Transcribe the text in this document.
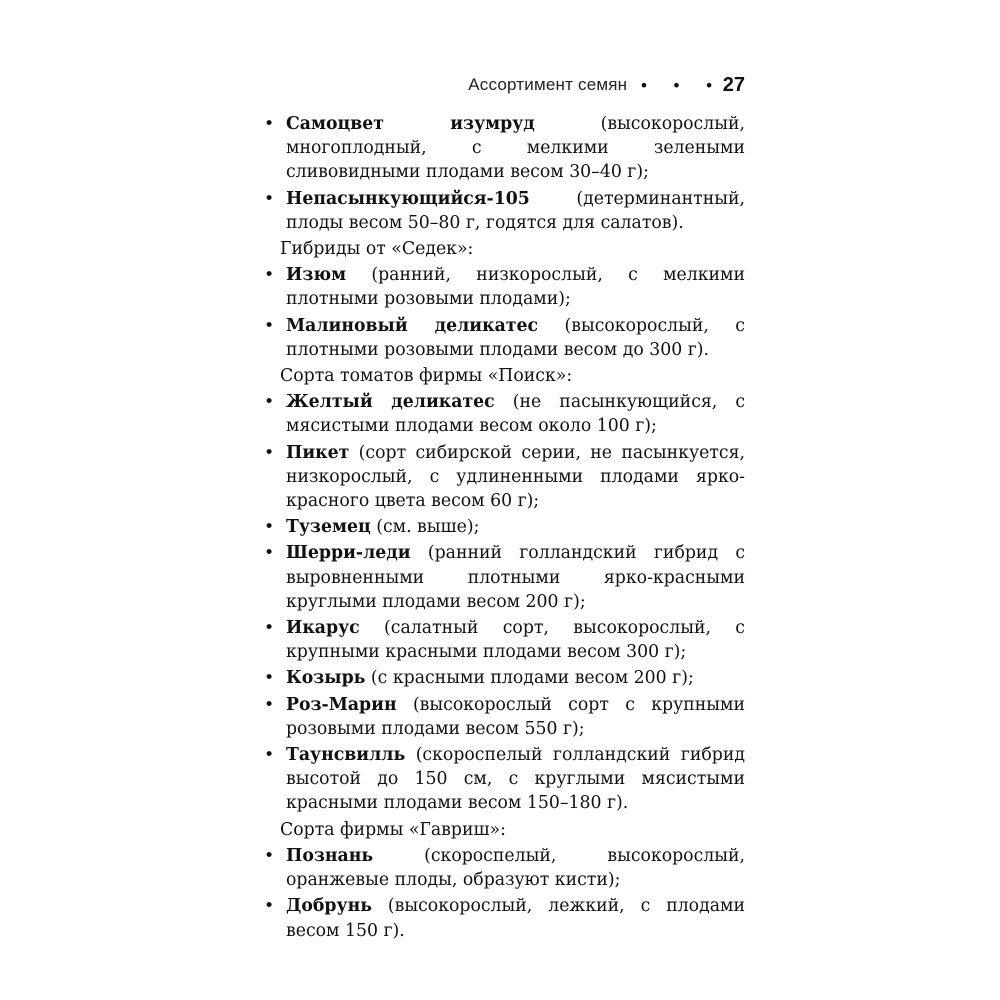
Ассортимент семян • • • 27
• Самоцвет изумруд (высокорослый, многоплодный, с мелкими зелеными сливовидными плодами весом 30–40 г);
• Непасынкующийся-105 (детерминантный, плоды весом 50–80 г, годятся для салатов).
Гибриды от «Седек»:
• Изюм (ранний, низкорослый, с мелкими плотными розовыми плодами);
• Малиновый деликатес (высокорослый, с плотными розовыми плодами весом до 300 г).
Сорта томатов фирмы «Поиск»:
• Желтый деликатес (не пасынкующийся, с мясистыми плодами весом около 100 г);
• Пикет (сорт сибирской серии, не пасынкуется, низкорослый, с удлиненными плодами ярко-красного цвета весом 60 г);
• Туземец (см. выше);
• Шерри-леди (ранний голландский гибрид с выровненными плотными ярко-красными круглыми плодами весом 200 г);
• Икарус (салатный сорт, высокорослый, с крупными красными плодами весом 300 г);
• Козырь (с красными плодами весом 200 г);
• Роз-Марин (высокорослый сорт с крупными розовыми плодами весом 550 г);
• Таунсвилль (скороспелый голландский гибрид высотой до 150 см, с круглыми мясистыми красными плодами весом 150–180 г).
Сорта фирмы «Гавриш»:
• Познань (скороспелый, высокорослый, оранжевые плоды, образуют кисти);
• Добрунь (высокорослый, лежкий, с плодами весом 150 г).
